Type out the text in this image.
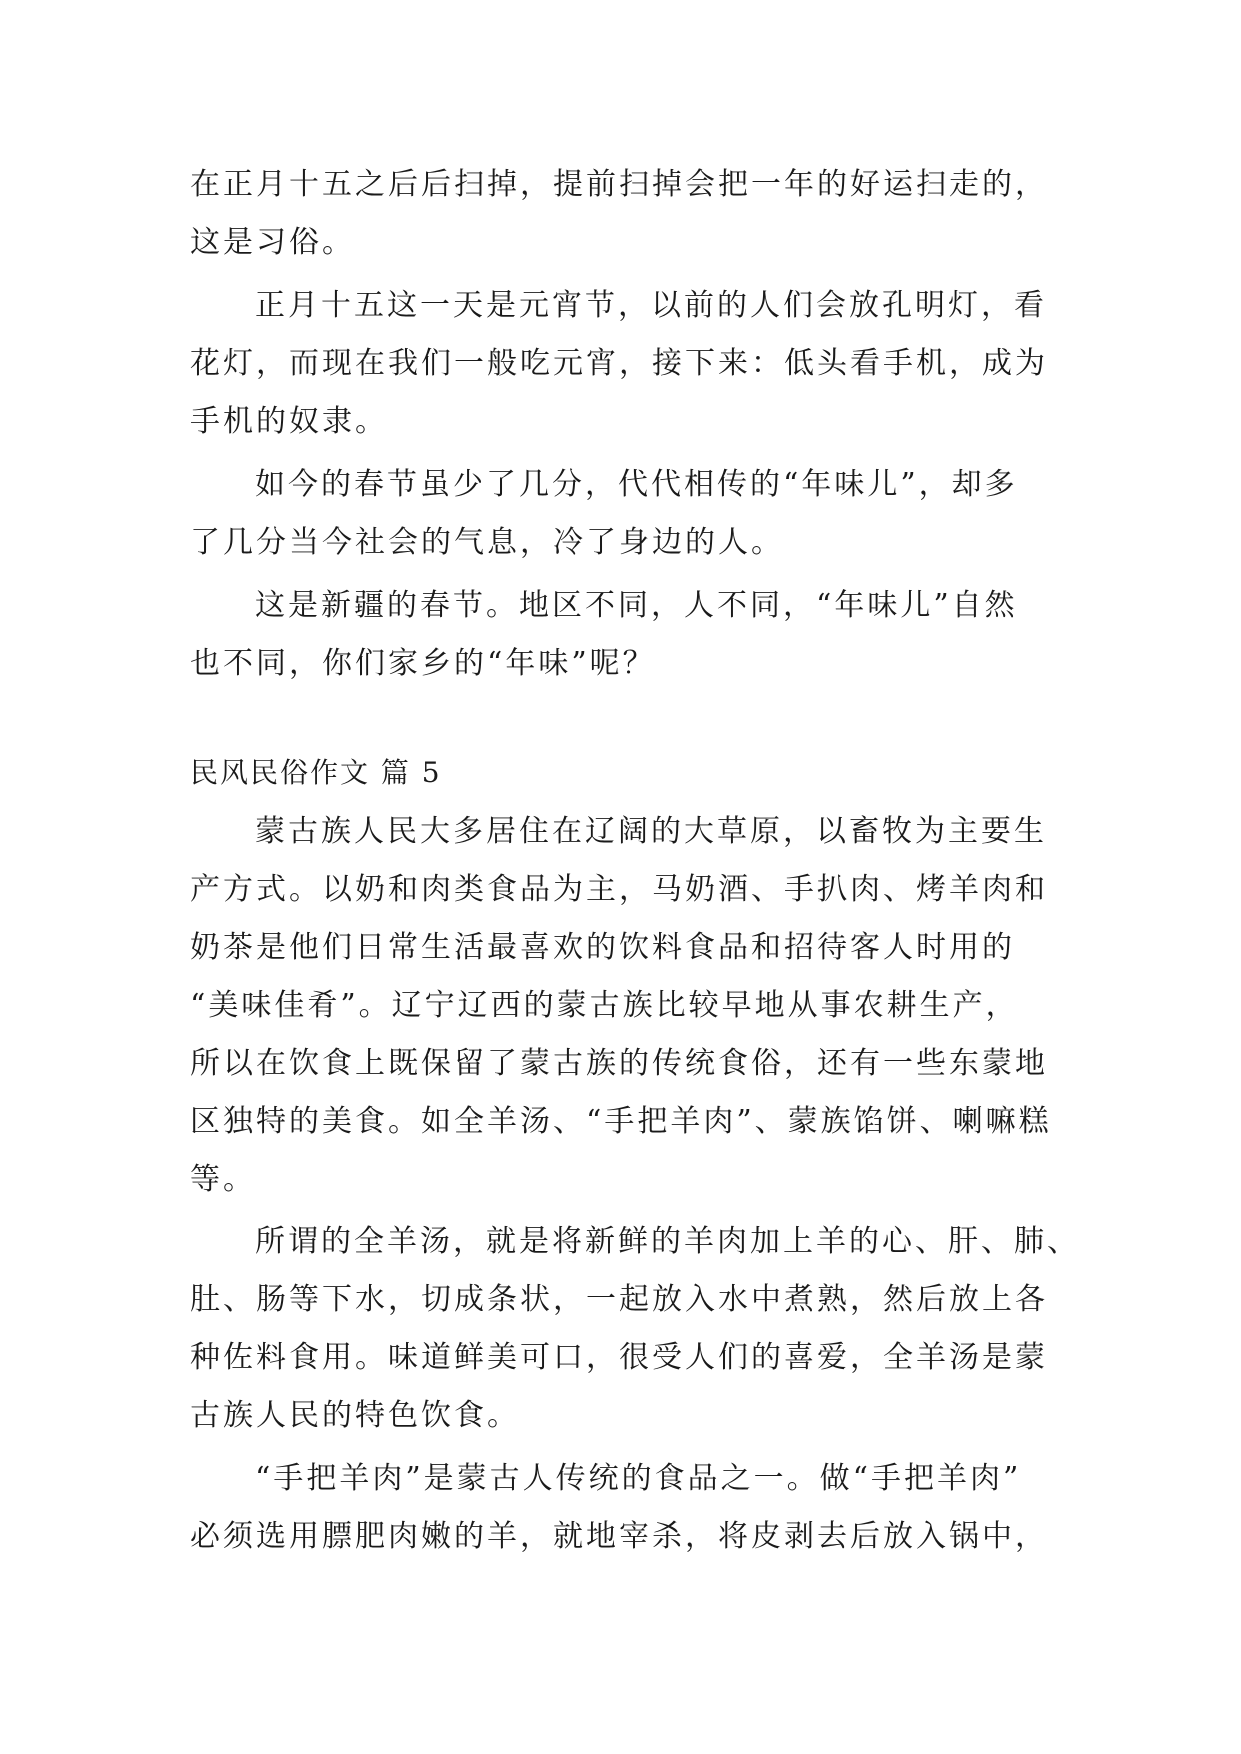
在正月十五之后后扫掉，提前扫掉会把一年的好运扫走的，
这是习俗。
正月十五这一天是元宵节，以前的人们会放孔明灯，看
花灯，而现在我们一般吃元宵，接下来：低头看手机，成为
手机的奴隶。
如今的春节虽少了几分，代代相传的“年味儿”，却多
了几分当今社会的气息，冷了身边的人。
这是新疆的春节。地区不同，人不同，“年味儿”自然
也不同，你们家乡的“年味”呢？
民风民俗作文 篇 5
蒙古族人民大多居住在辽阔的大草原，以畜牧为主要生
产方式。以奶和肉类食品为主，马奶酒、手扒肉、烤羊肉和
奶茶是他们日常生活最喜欢的饮料食品和招待客人时用的
“美味佳肴”。辽宁辽西的蒙古族比较早地从事农耕生产，
所以在饮食上既保留了蒙古族的传统食俗，还有一些东蒙地
区独特的美食。如全羊汤、“手把羊肉”、蒙族馅饼、喇嘛糕
等。
所谓的全羊汤，就是将新鲜的羊肉加上羊的心、肝、肺、
肚、肠等下水，切成条状，一起放入水中煮熟，然后放上各
种佐料食用。味道鲜美可口，很受人们的喜爱，全羊汤是蒙
古族人民的特色饮食。
“手把羊肉”是蒙古人传统的食品之一。做“手把羊肉”
必须选用膘肥肉嫩的羊，就地宰杀，将皮剥去后放入锅中，
